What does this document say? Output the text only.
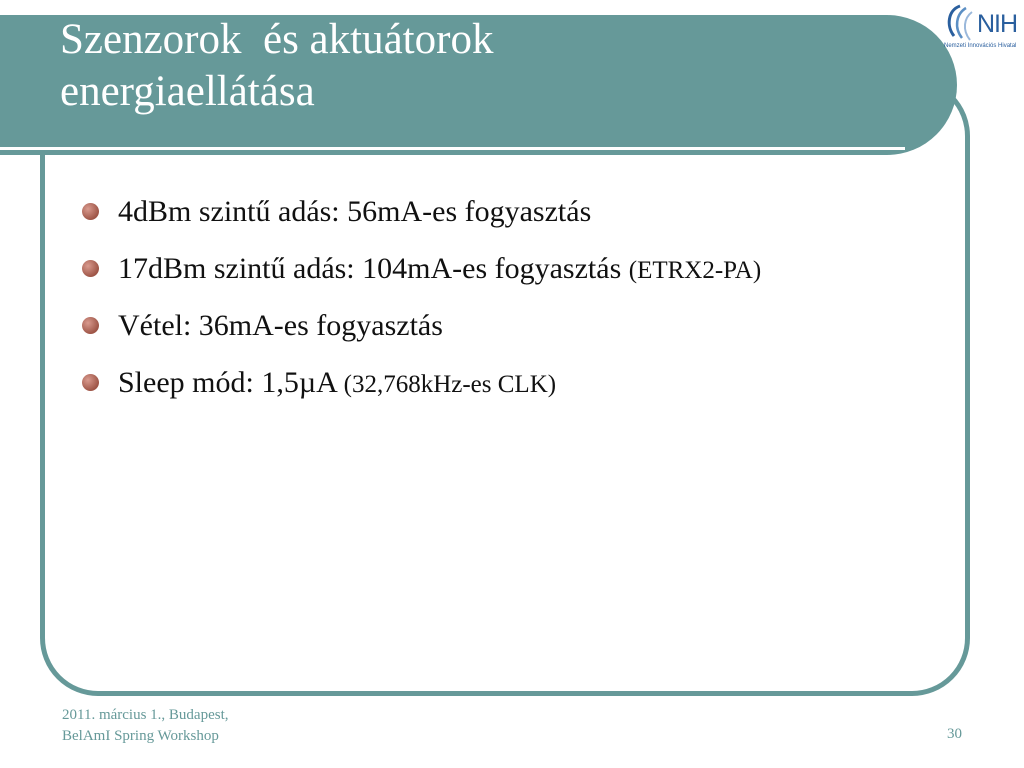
Szenzorok  és aktuátorok
energiaellátása
NIH
Nemzeti Innovációs Hivatal
4dBm szintű adás: 56mA-es fogyasztás
17dBm szintű adás: 104mA-es fogyasztás (ETRX2-PA)
Vétel: 36mA-es fogyasztás
Sleep mód: 1,5µA (32,768kHz-es CLK)
2011. március 1., Budapest,
BelAmI Spring Workshop	30
